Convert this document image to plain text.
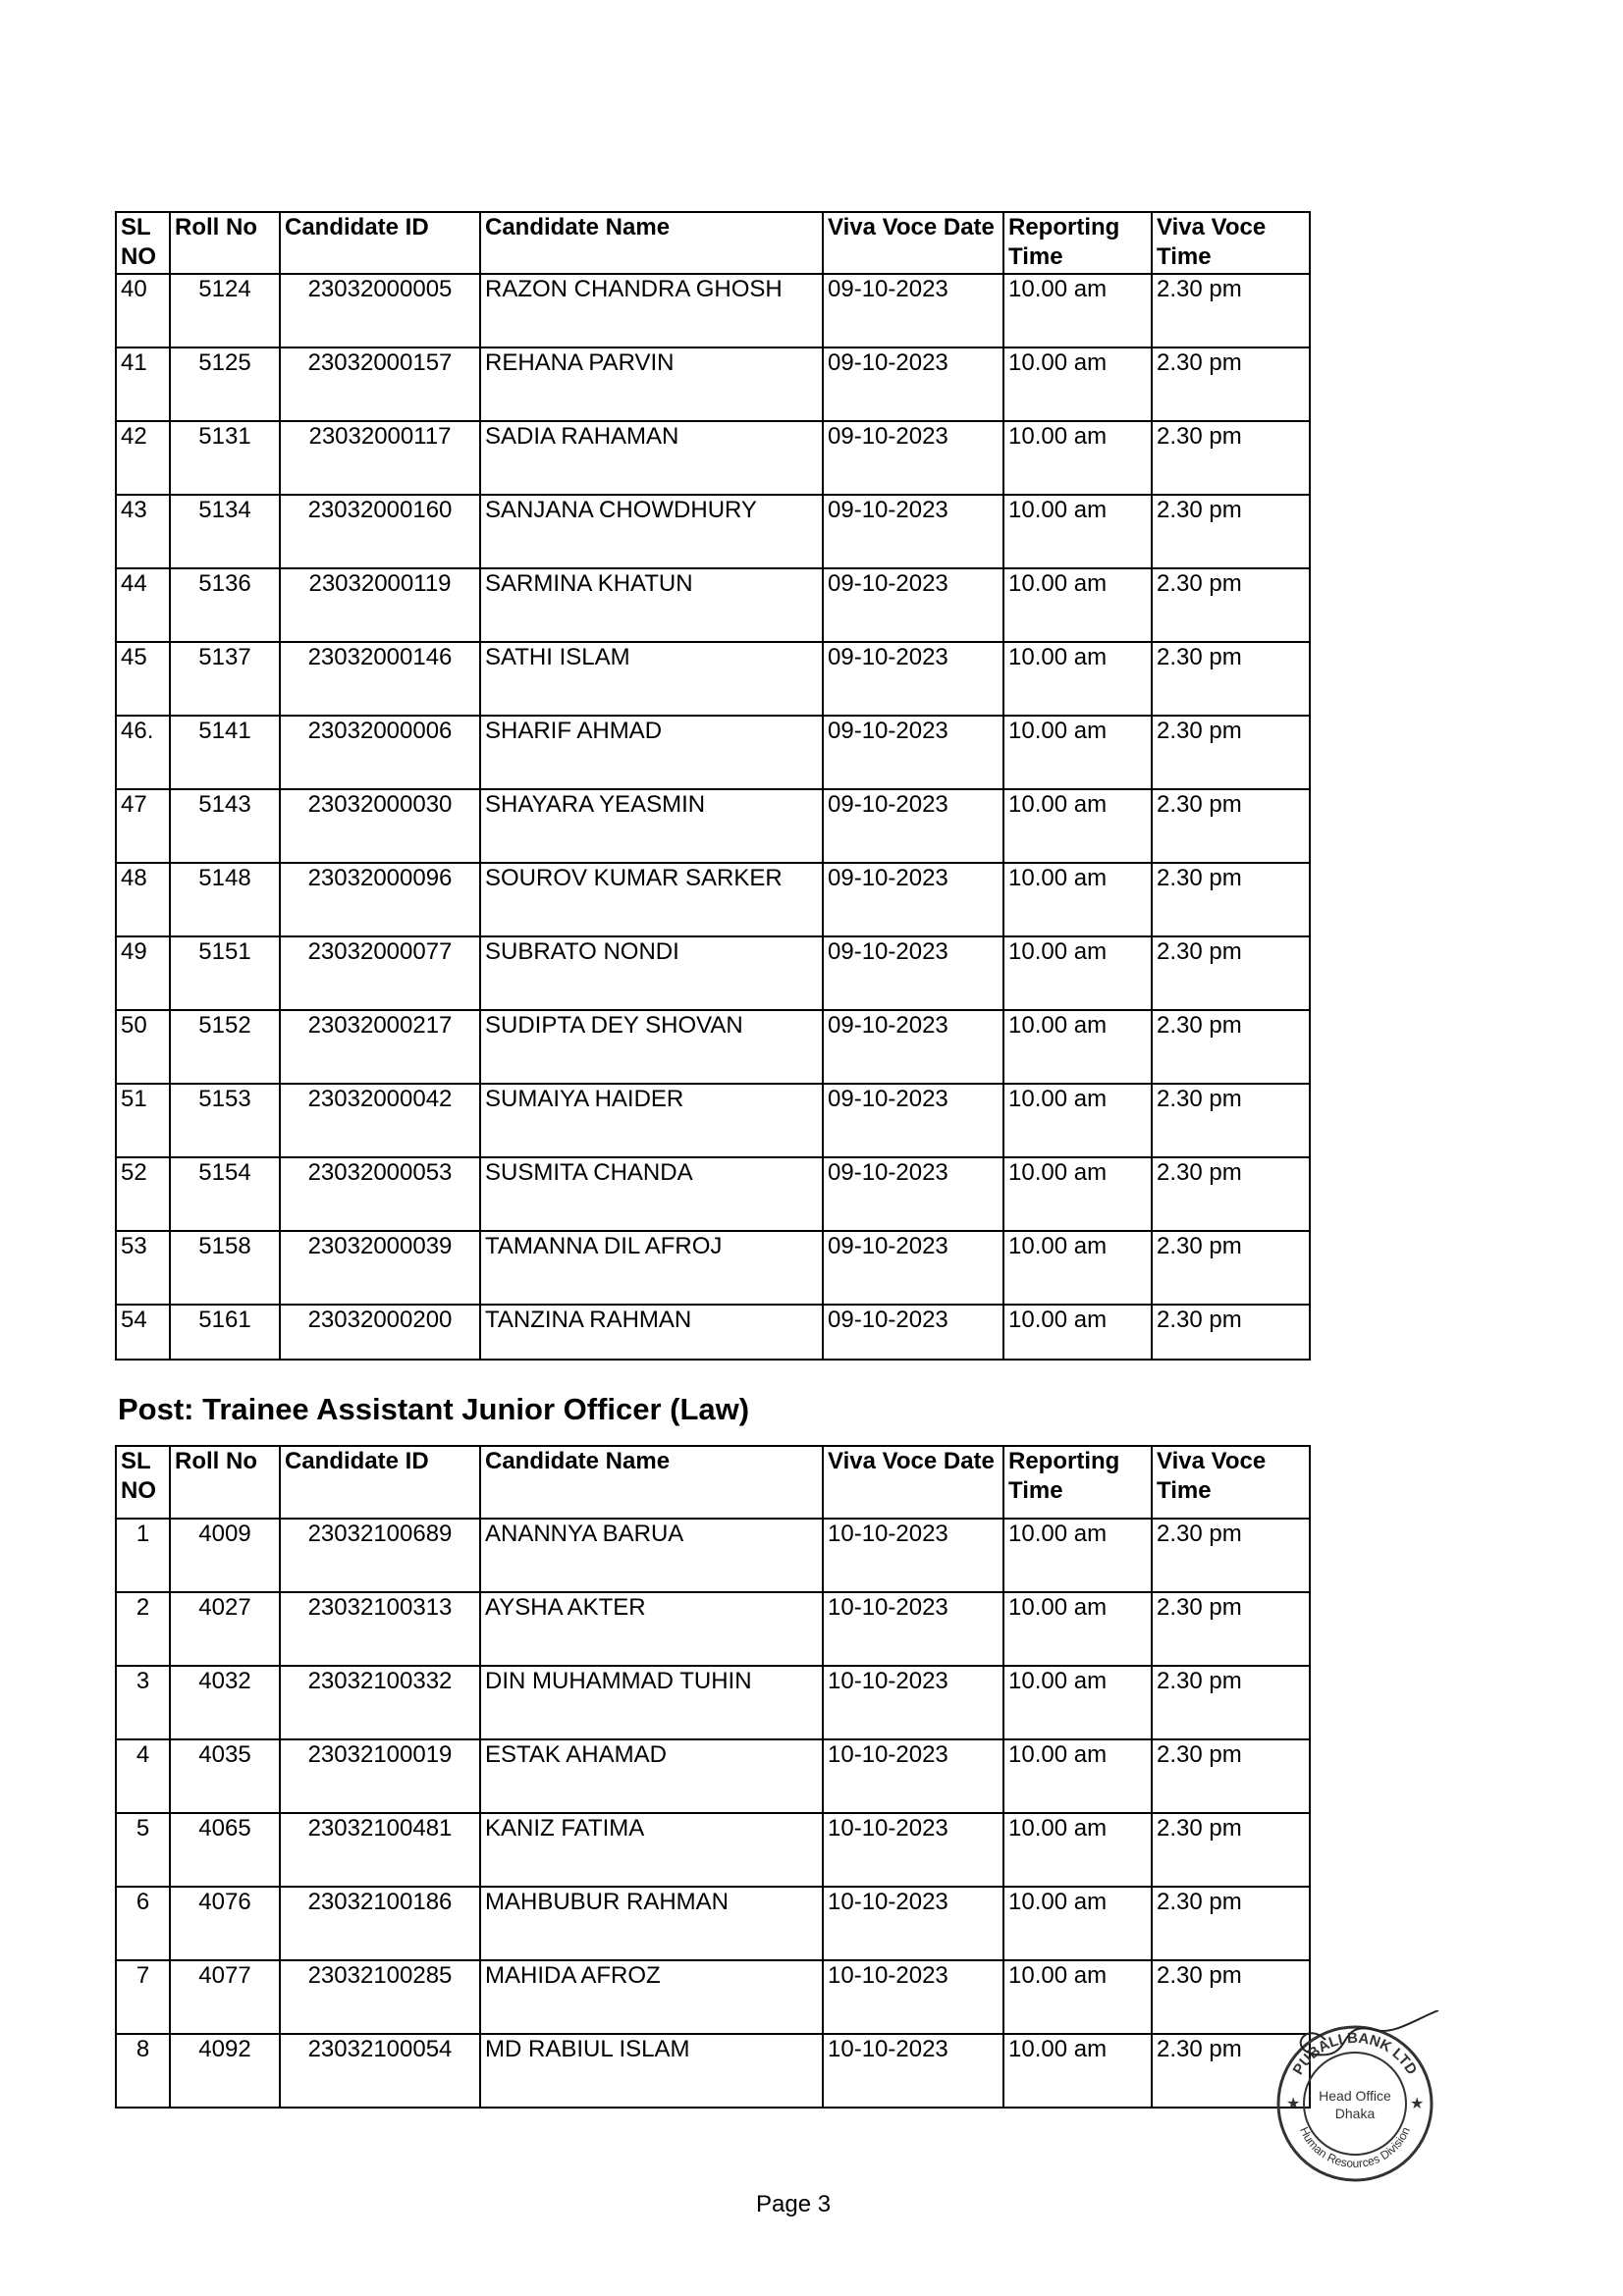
SL NO	Roll No	Candidate ID	Candidate Name	Viva Voce Date	Reporting Time	Viva Voce Time
40	5124	23032000005	RAZON CHANDRA GHOSH	09-10-2023	10.00 am	2.30 pm
41	5125	23032000157	REHANA PARVIN	09-10-2023	10.00 am	2.30 pm
42	5131	23032000117	SADIA RAHAMAN	09-10-2023	10.00 am	2.30 pm
43	5134	23032000160	SANJANA CHOWDHURY	09-10-2023	10.00 am	2.30 pm
44	5136	23032000119	SARMINA KHATUN	09-10-2023	10.00 am	2.30 pm
45	5137	23032000146	SATHI ISLAM	09-10-2023	10.00 am	2.30 pm
46.	5141	23032000006	SHARIF AHMAD	09-10-2023	10.00 am	2.30 pm
47	5143	23032000030	SHAYARA YEASMIN	09-10-2023	10.00 am	2.30 pm
48	5148	23032000096	SOUROV KUMAR SARKER	09-10-2023	10.00 am	2.30 pm
49	5151	23032000077	SUBRATO NONDI	09-10-2023	10.00 am	2.30 pm
50	5152	23032000217	SUDIPTA DEY SHOVAN	09-10-2023	10.00 am	2.30 pm
51	5153	23032000042	SUMAIYA HAIDER	09-10-2023	10.00 am	2.30 pm
52	5154	23032000053	SUSMITA CHANDA	09-10-2023	10.00 am	2.30 pm
53	5158	23032000039	TAMANNA DIL AFROJ	09-10-2023	10.00 am	2.30 pm
54	5161	23032000200	TANZINA RAHMAN	09-10-2023	10.00 am	2.30 pm
Post: Trainee Assistant Junior Officer (Law)
SL NO	Roll No	Candidate ID	Candidate Name	Viva Voce Date	Reporting Time	Viva Voce Time
1	4009	23032100689	ANANNYA BARUA	10-10-2023	10.00 am	2.30 pm
2	4027	23032100313	AYSHA AKTER	10-10-2023	10.00 am	2.30 pm
3	4032	23032100332	DIN MUHAMMAD TUHIN	10-10-2023	10.00 am	2.30 pm
4	4035	23032100019	ESTAK AHAMAD	10-10-2023	10.00 am	2.30 pm
5	4065	23032100481	KANIZ FATIMA	10-10-2023	10.00 am	2.30 pm
6	4076	23032100186	MAHBUBUR RAHMAN	10-10-2023	10.00 am	2.30 pm
7	4077	23032100285	MAHIDA AFROZ	10-10-2023	10.00 am	2.30 pm
8	4092	23032100054	MD RABIUL ISLAM	10-10-2023	10.00 am	2.30 pm
PUBALI BANK LTD
Human Resources Division
Head Office
Dhaka
★	★
Page 3
